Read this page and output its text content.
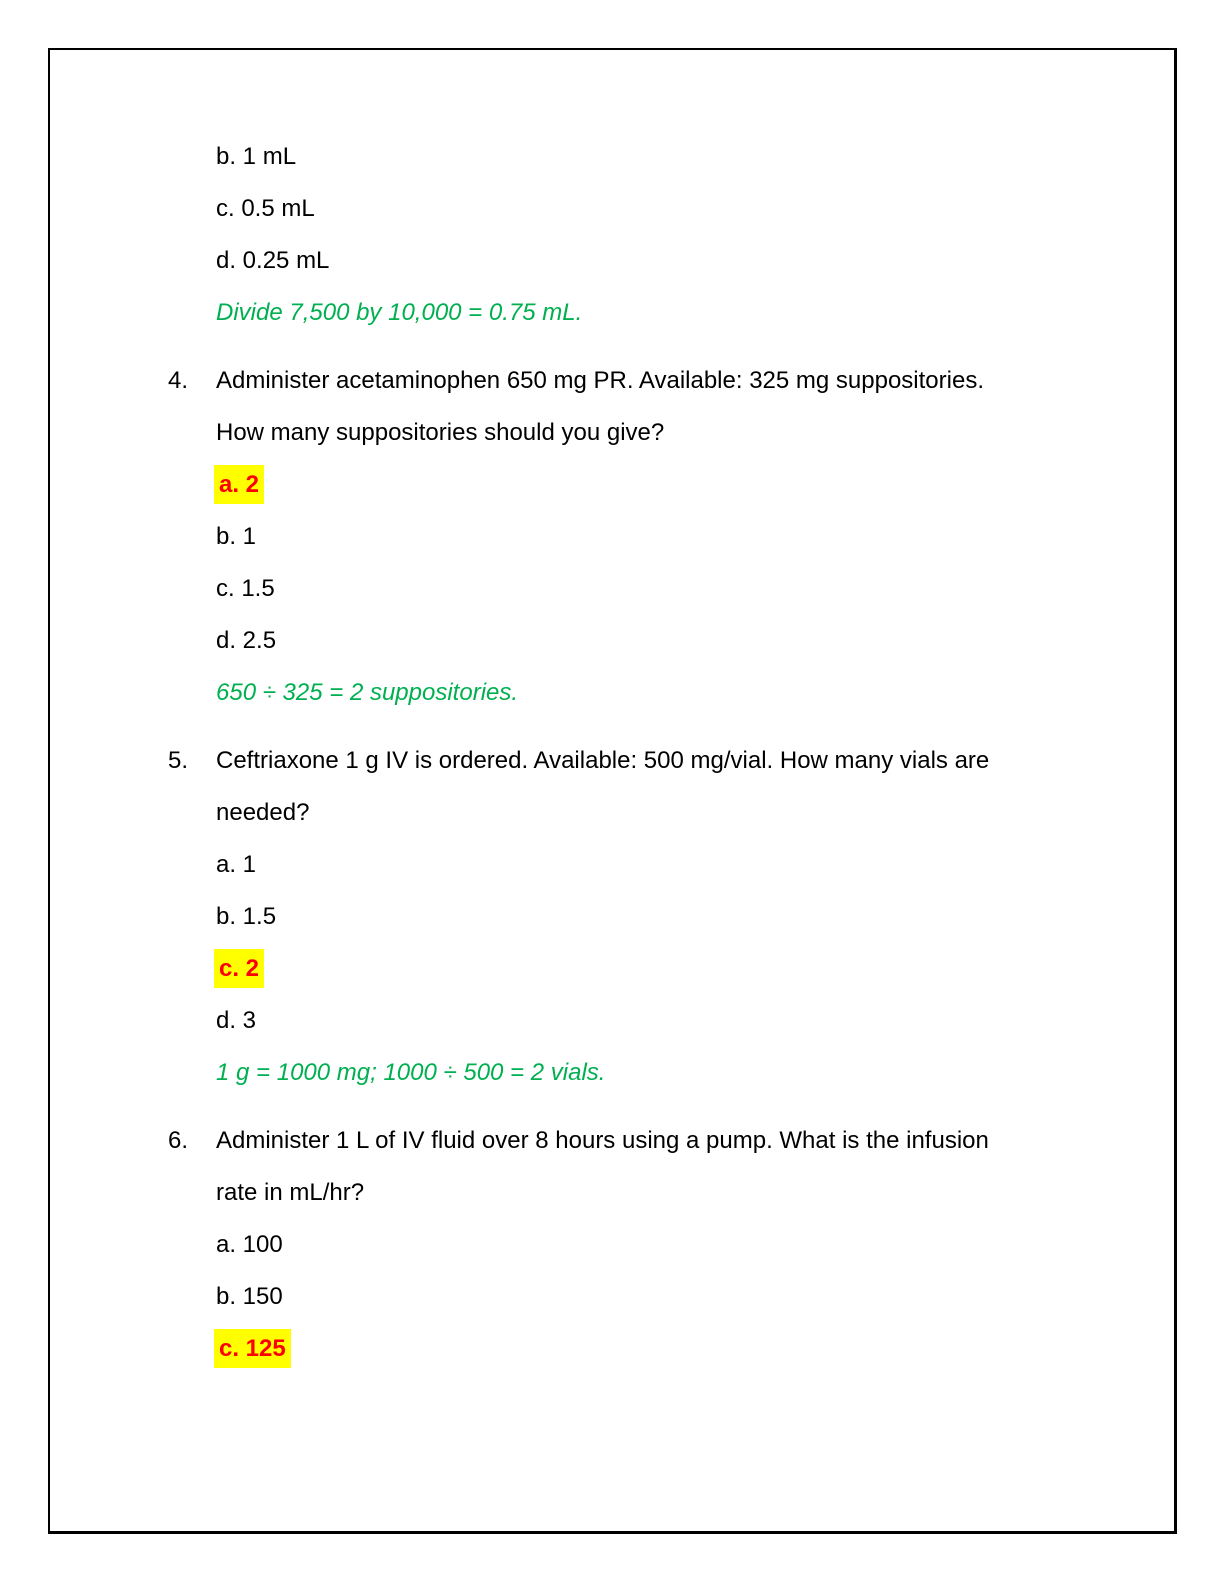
b. 1 mL
c. 0.5 mL
d. 0.25 mL
Divide 7,500 by 10,000 = 0.75 mL.
4. Administer acetaminophen 650 mg PR. Available: 325 mg suppositories.
How many suppositories should you give?
a. 2
b. 1
c. 1.5
d. 2.5
650 ÷ 325 = 2 suppositories.
5. Ceftriaxone 1 g IV is ordered. Available: 500 mg/vial. How many vials are
needed?
a. 1
b. 1.5
c. 2
d. 3
1 g = 1000 mg; 1000 ÷ 500 = 2 vials.
6. Administer 1 L of IV fluid over 8 hours using a pump. What is the infusion
rate in mL/hr?
a. 100
b. 150
c. 125
